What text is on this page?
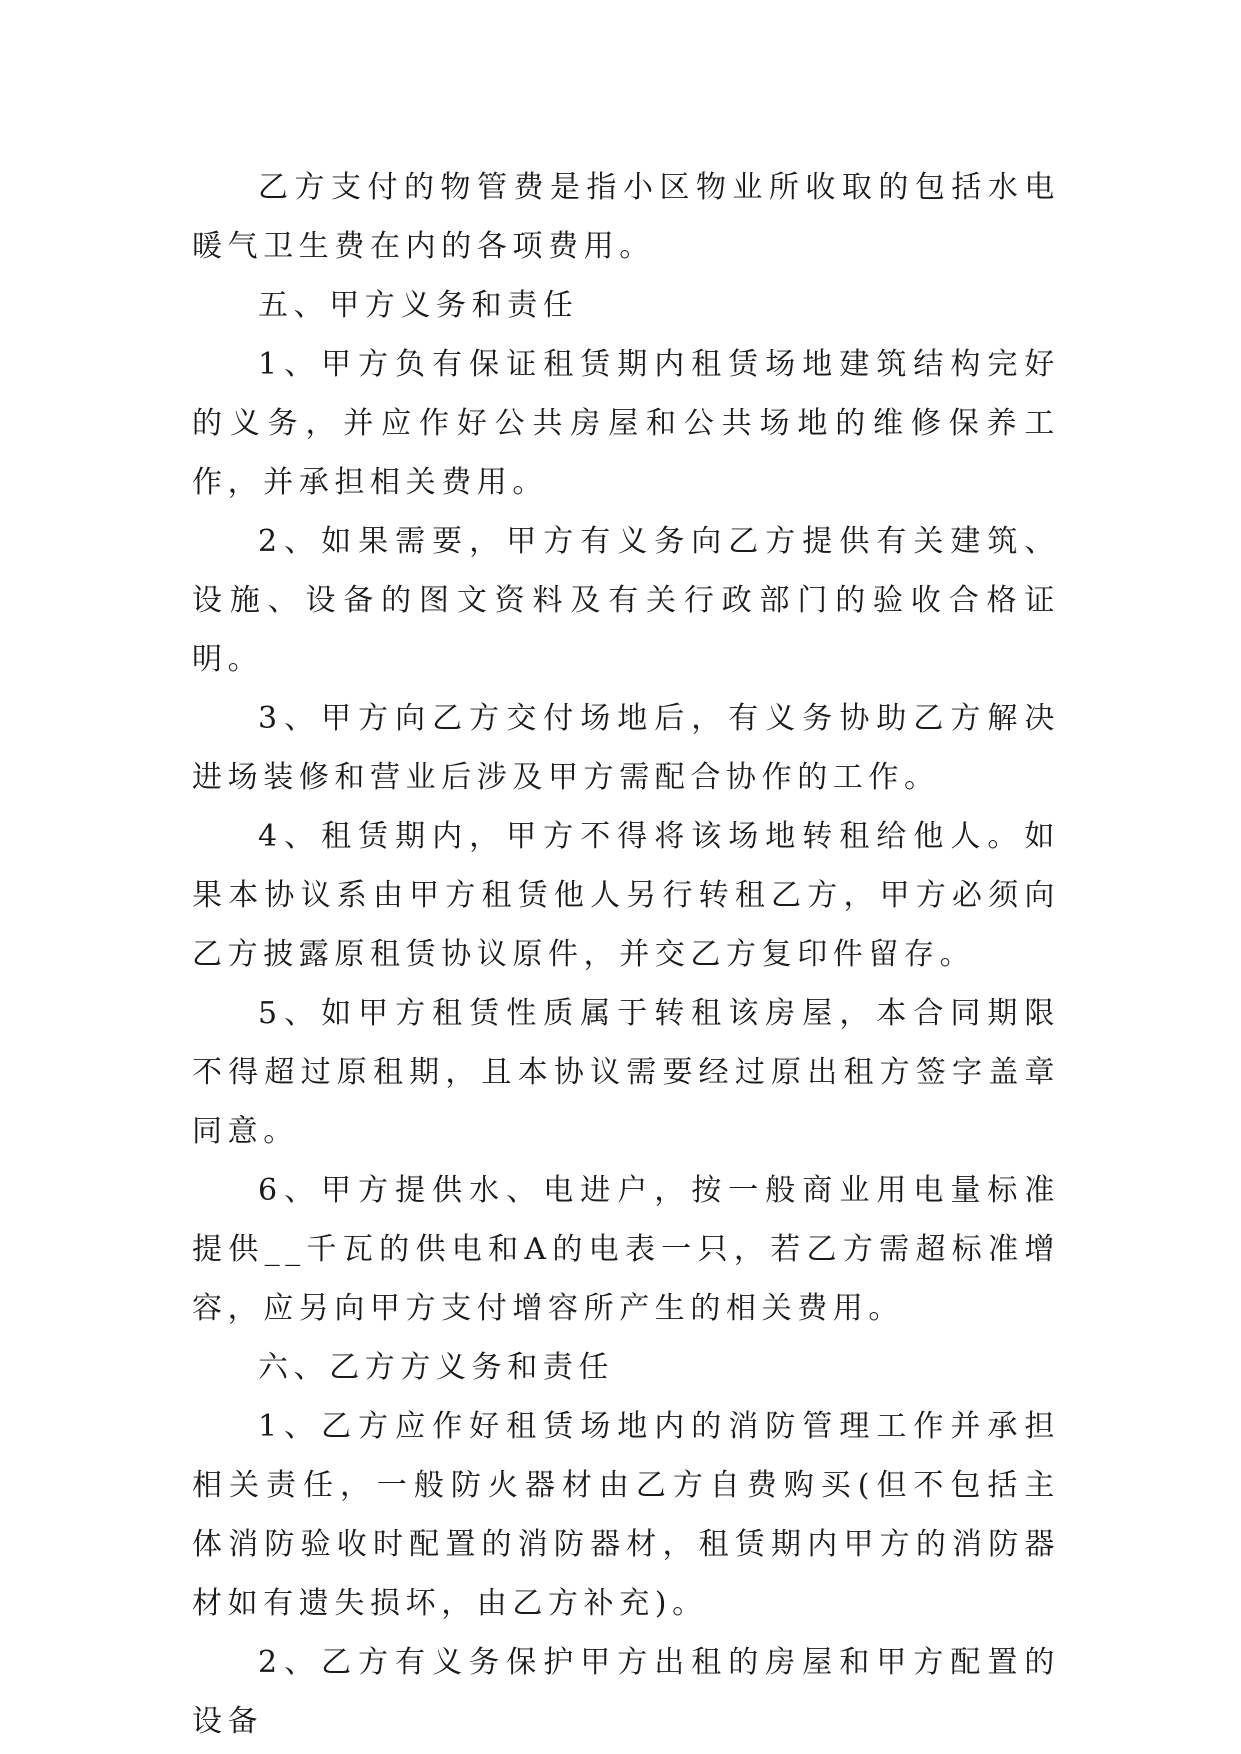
乙方支付的物管费是指小区物业所收取的包括水电暖气卫生费在内的各项费用。

五、甲方义务和责任

1、甲方负有保证租赁期内租赁场地建筑结构完好的义务，并应作好公共房屋和公共场地的维修保养工作，并承担相关费用。

2、如果需要，甲方有义务向乙方提供有关建筑、设施、设备的图文资料及有关行政部门的验收合格证明。

3、甲方向乙方交付场地后，有义务协助乙方解决进场装修和营业后涉及甲方需配合协作的工作。

4、租赁期内，甲方不得将该场地转租给他人。如果本协议系由甲方租赁他人另行转租乙方，甲方必须向乙方披露原租赁协议原件，并交乙方复印件留存。

5、如甲方租赁性质属于转租该房屋，本合同期限不得超过原租期，且本协议需要经过原出租方签字盖章同意。

6、甲方提供水、电进户，按一般商业用电量标准提供__千瓦的供电和A的电表一只，若乙方需超标准增容，应另向甲方支付增容所产生的相关费用。

六、乙方方义务和责任

1、乙方应作好租赁场地内的消防管理工作并承担相关责任，一般防火器材由乙方自费购买(但不包括主体消防验收时配置的消防器材，租赁期内甲方的消防器材如有遗失损坏，由乙方补充)。

2、乙方有义务保护甲方出租的房屋和甲方配置的设备
